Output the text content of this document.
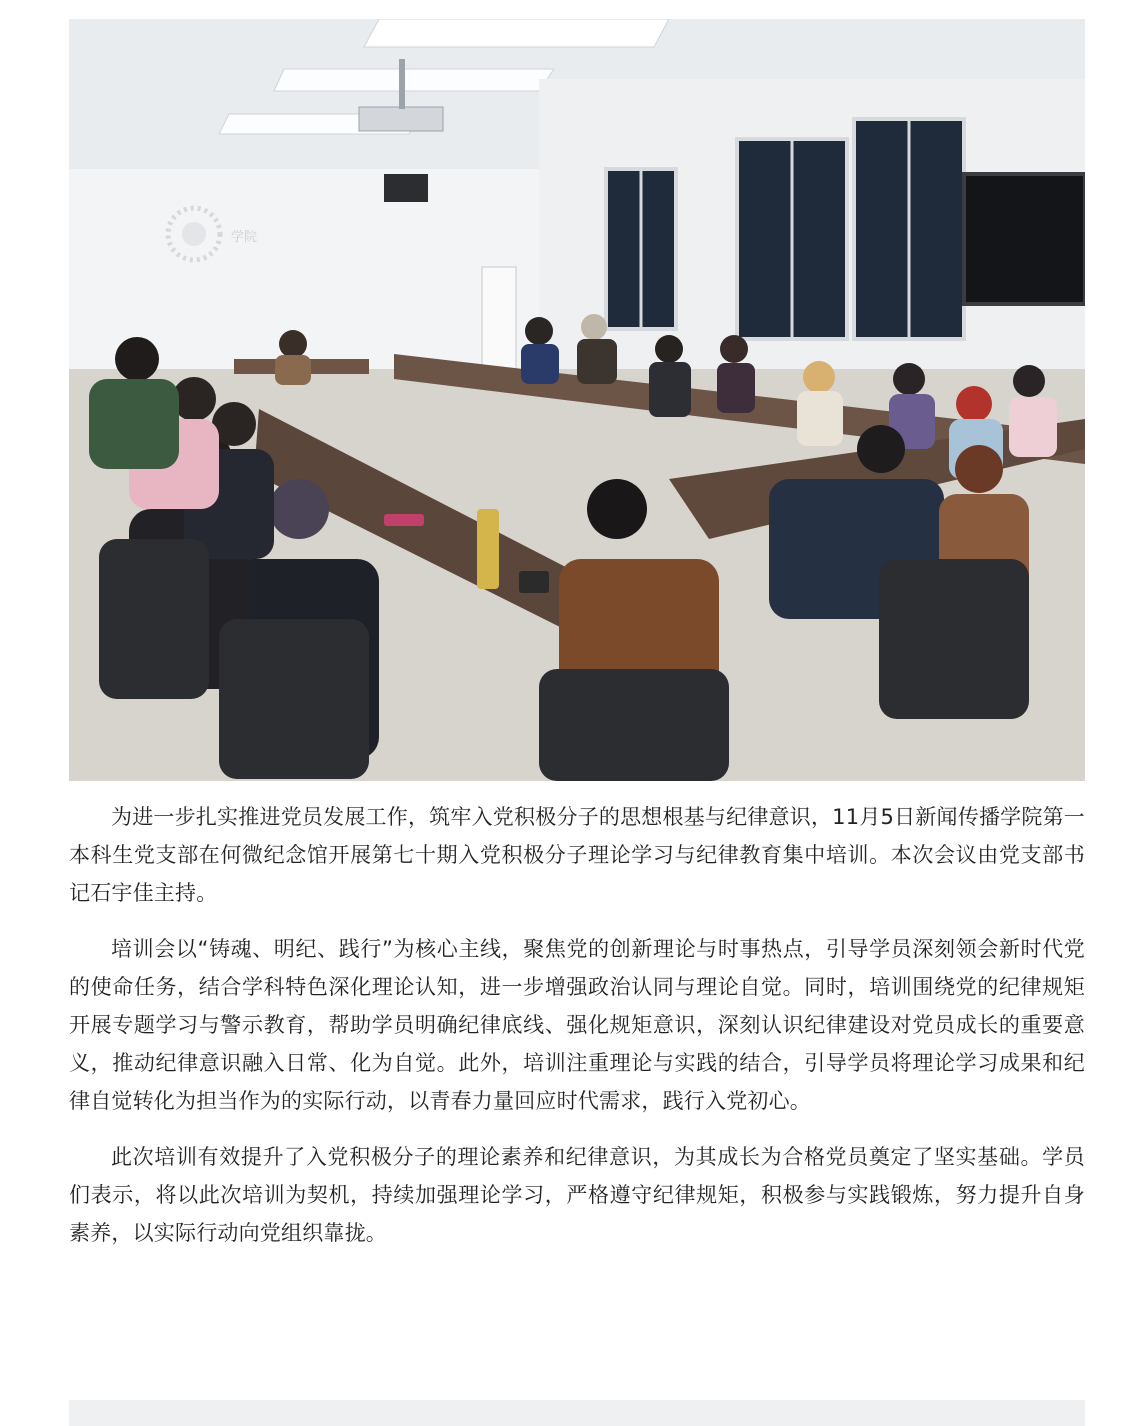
学院

为进一步扎实推进党员发展工作，筑牢入党积极分子的思想根基与纪律意识，11月5日新闻传播学院第一本科生党支部在何微纪念馆开展第七十期入党积极分子理论学习与纪律教育集中培训。本次会议由党支部书记石宇佳主持。

培训会以“铸魂、明纪、践行”为核心主线，聚焦党的创新理论与时事热点，引导学员深刻领会新时代党的使命任务，结合学科特色深化理论认知，进一步增强政治认同与理论自觉。同时，培训围绕党的纪律规矩开展专题学习与警示教育，帮助学员明确纪律底线、强化规矩意识，深刻认识纪律建设对党员成长的重要意义，推动纪律意识融入日常、化为自觉。此外，培训注重理论与实践的结合，引导学员将理论学习成果和纪律自觉转化为担当作为的实际行动，以青春力量回应时代需求，践行入党初心。

此次培训有效提升了入党积极分子的理论素养和纪律意识，为其成长为合格党员奠定了坚实基础。学员们表示，将以此次培训为契机，持续加强理论学习，严格遵守纪律规矩，积极参与实践锻炼，努力提升自身素养，以实际行动向党组织靠拢。
